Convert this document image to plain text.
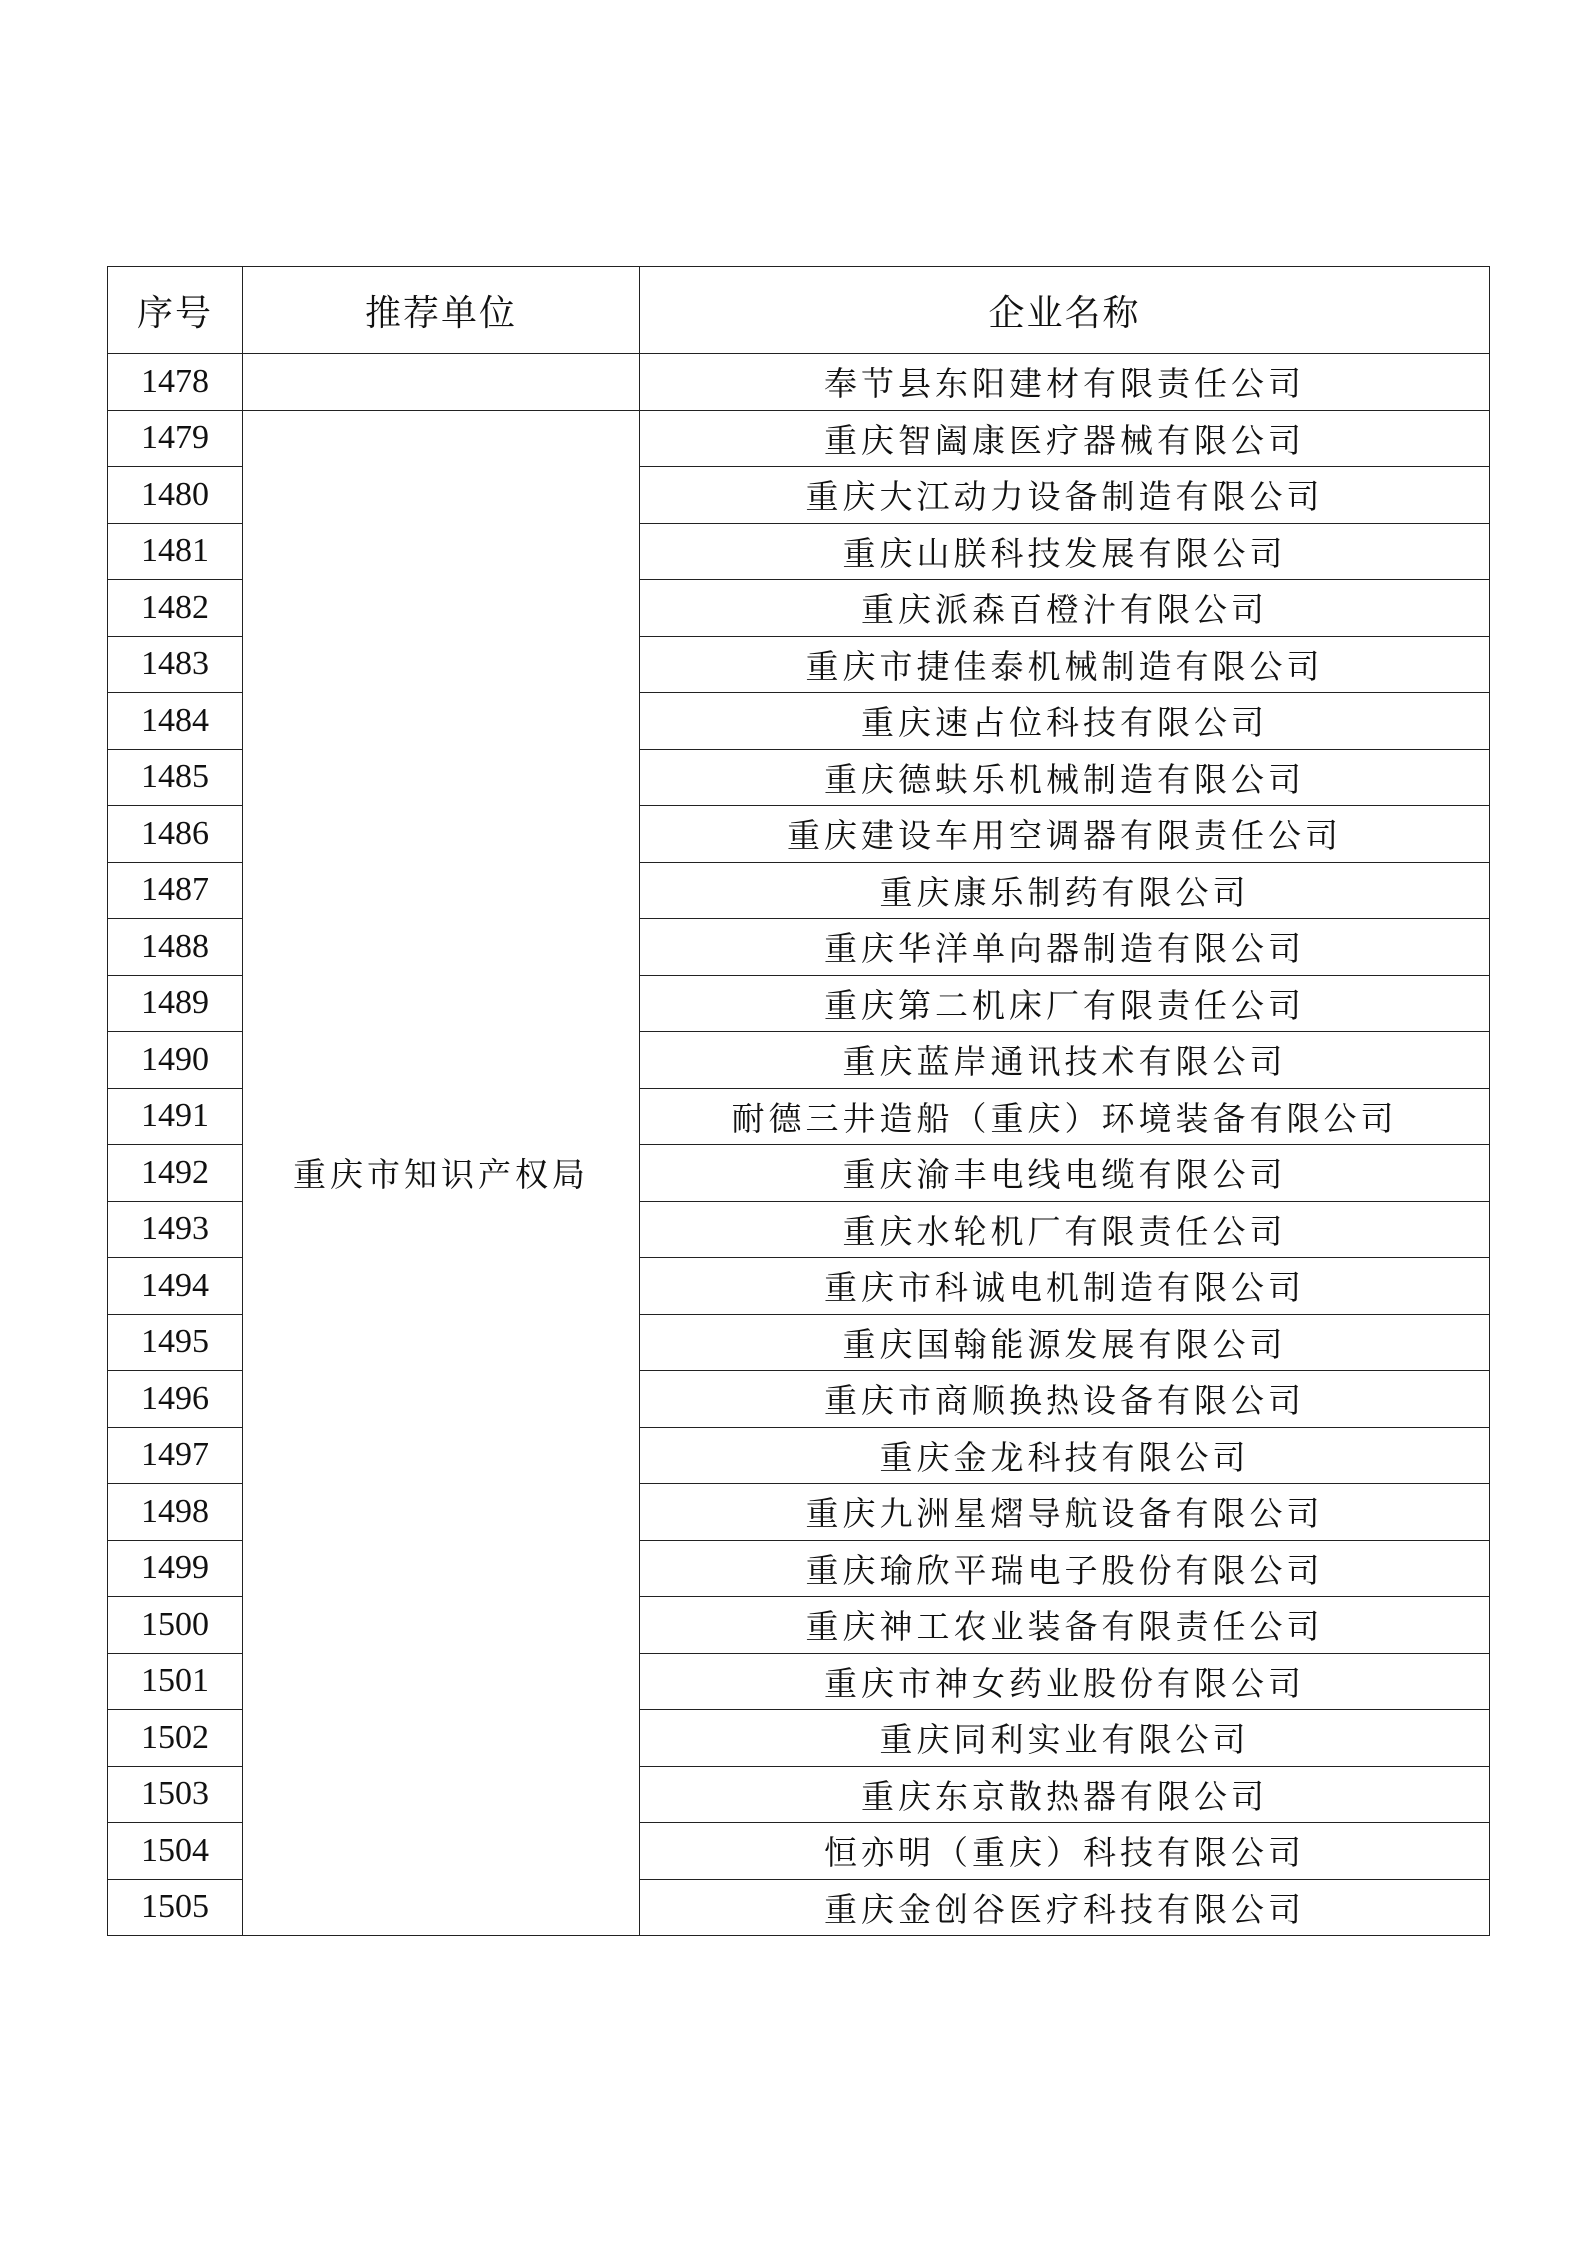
序号	推荐单位	企业名称
1478		奉节县东阳建材有限责任公司
1479	重庆市知识产权局	重庆智阖康医疗器械有限公司
1480		重庆大江动力设备制造有限公司
1481		重庆山朕科技发展有限公司
1482		重庆派森百橙汁有限公司
1483		重庆市捷佳泰机械制造有限公司
1484		重庆速占位科技有限公司
1485		重庆德蚨乐机械制造有限公司
1486		重庆建设车用空调器有限责任公司
1487		重庆康乐制药有限公司
1488		重庆华洋单向器制造有限公司
1489		重庆第二机床厂有限责任公司
1490		重庆蓝岸通讯技术有限公司
1491		耐德三井造船（重庆）环境装备有限公司
1492		重庆渝丰电线电缆有限公司
1493		重庆水轮机厂有限责任公司
1494		重庆市科诚电机制造有限公司
1495		重庆国翰能源发展有限公司
1496		重庆市商顺换热设备有限公司
1497		重庆金龙科技有限公司
1498		重庆九洲星熠导航设备有限公司
1499		重庆瑜欣平瑞电子股份有限公司
1500		重庆神工农业装备有限责任公司
1501		重庆市神女药业股份有限公司
1502		重庆同利实业有限公司
1503		重庆东京散热器有限公司
1504		恒亦明（重庆）科技有限公司
1505		重庆金创谷医疗科技有限公司
